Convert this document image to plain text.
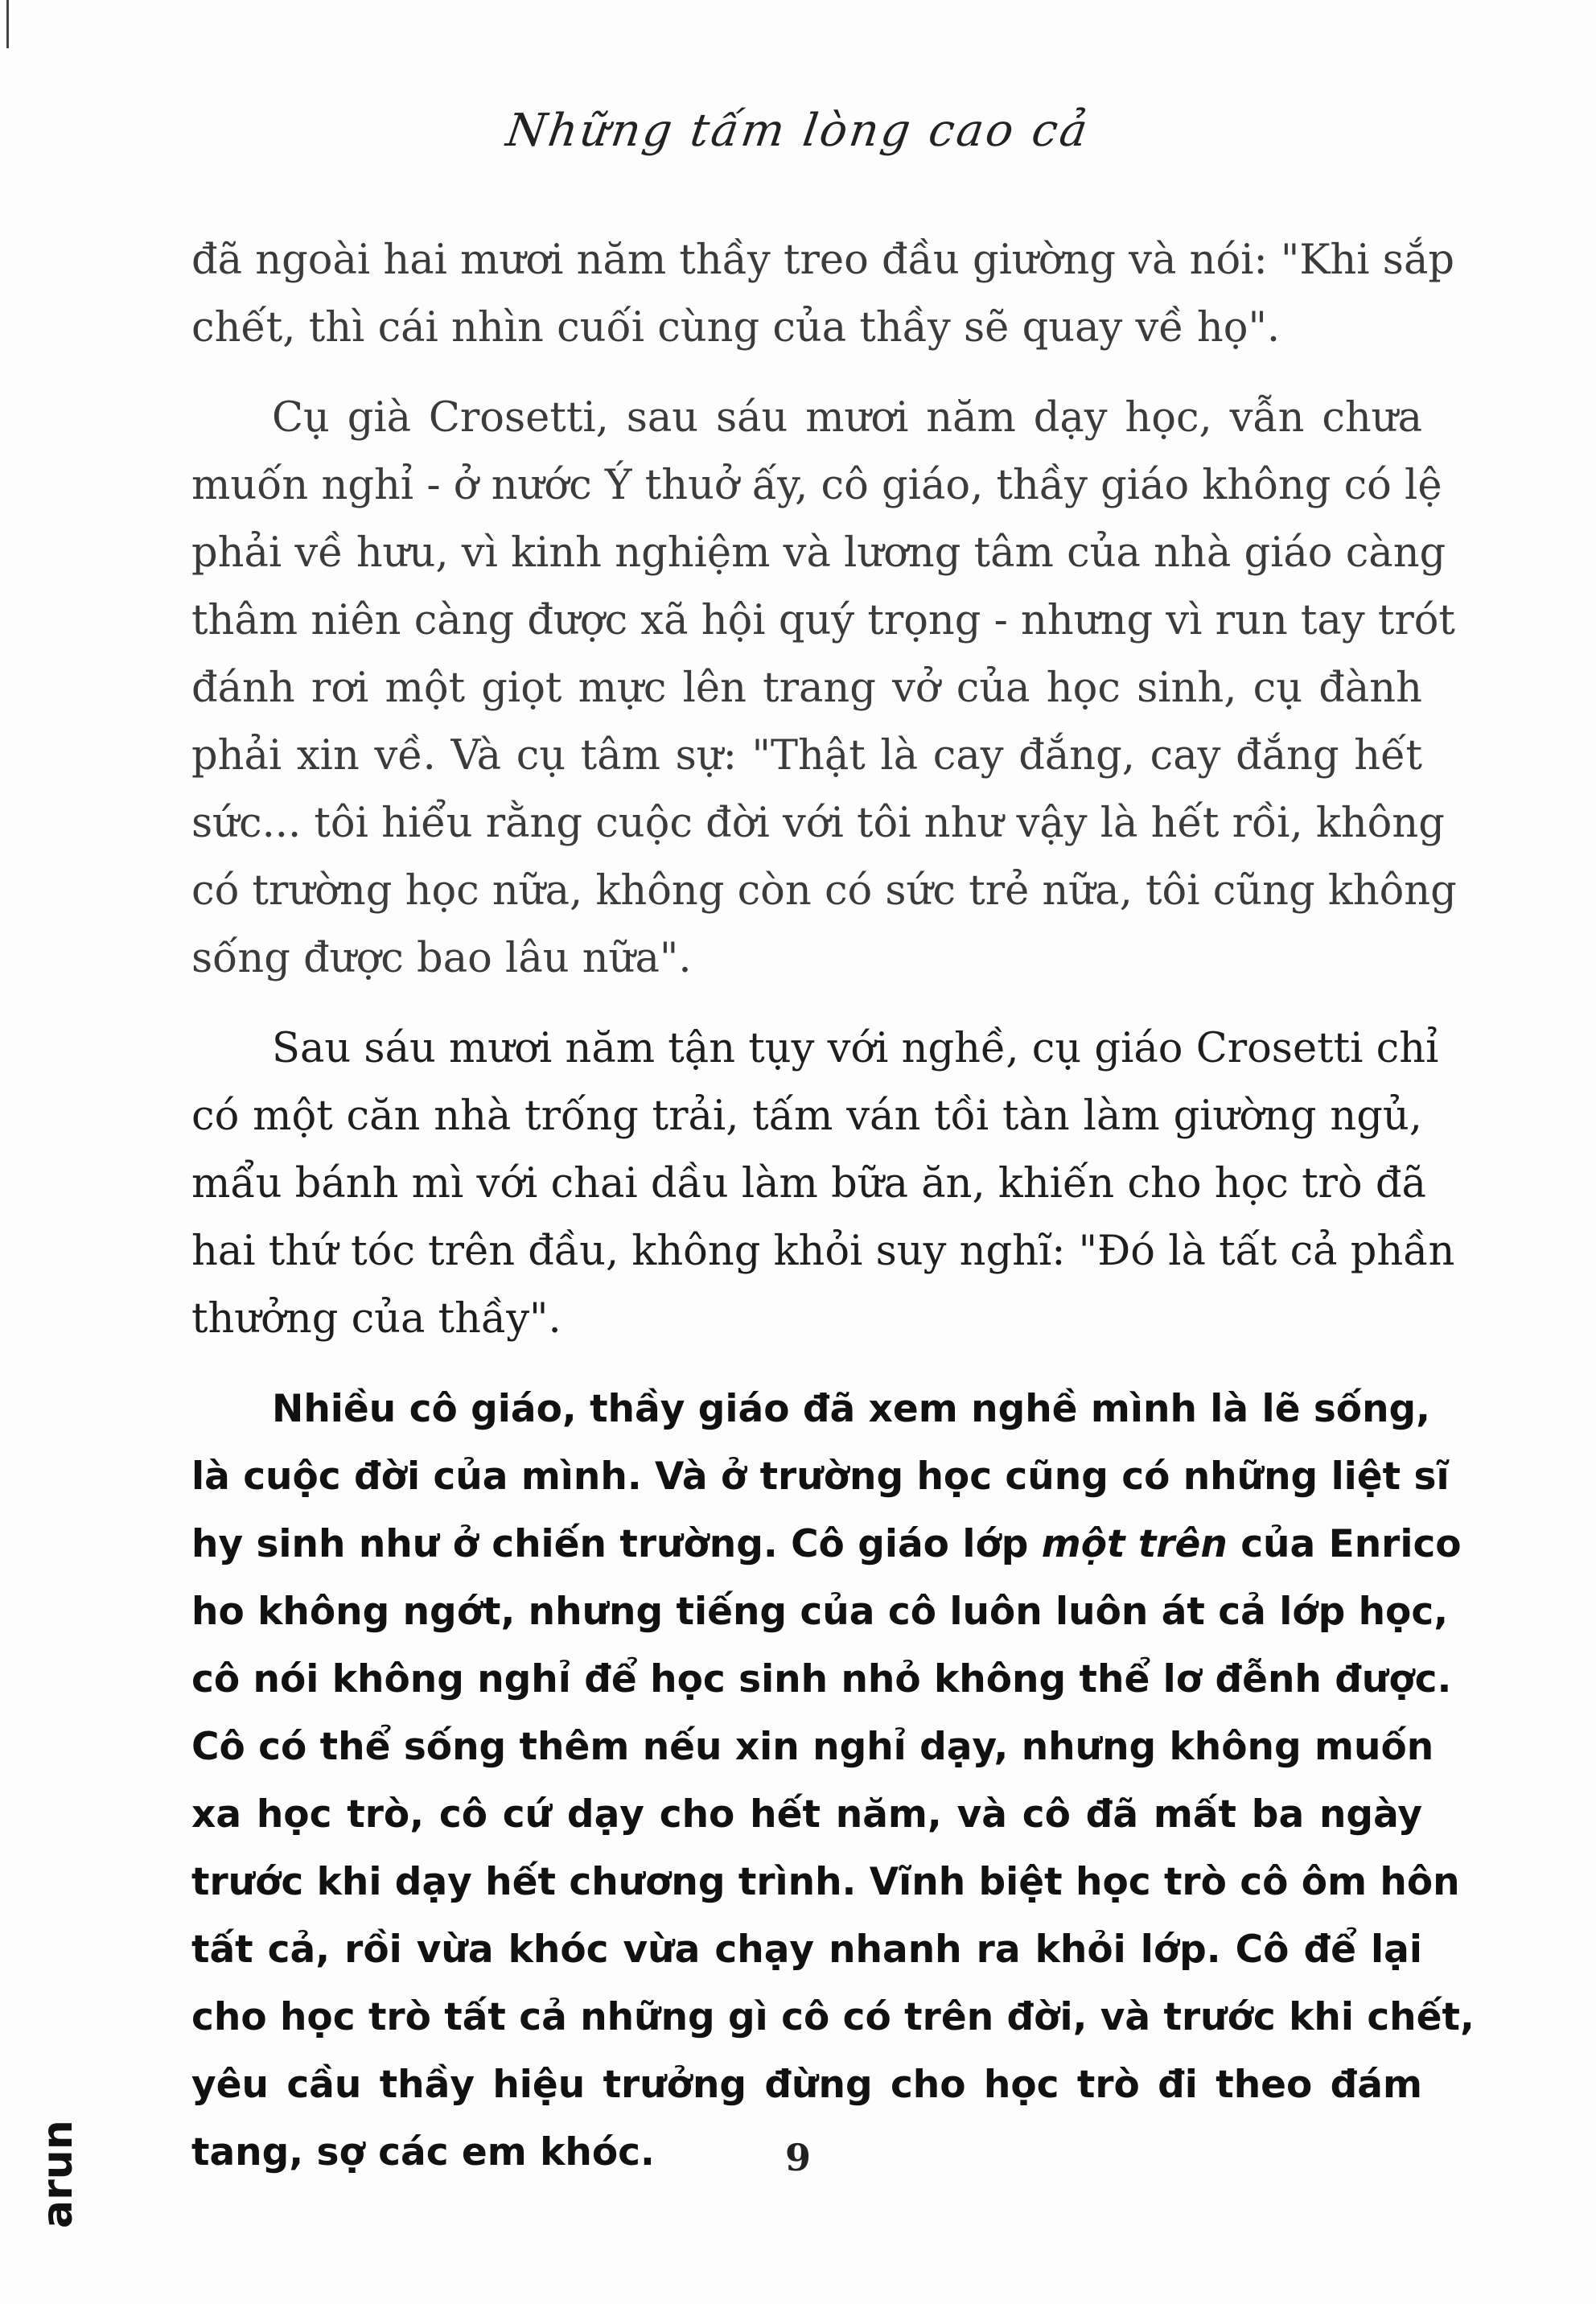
Những tấm lòng cao cả
đã ngoài hai mươi năm thầy treo đầu giường và nói: "Khi sắp
chết, thì cái nhìn cuối cùng của thầy sẽ quay về họ".
Cụ già Crosetti, sau sáu mươi năm dạy học, vẫn chưa
muốn nghỉ - ở nước Ý thuở ấy, cô giáo, thầy giáo không có lệ
phải về hưu, vì kinh nghiệm và lương tâm của nhà giáo càng
thâm niên càng được xã hội quý trọng - nhưng vì run tay trót
đánh rơi một giọt mực lên trang vở của học sinh, cụ đành
phải xin về. Và cụ tâm sự: "Thật là cay đắng, cay đắng hết
sức... tôi hiểu rằng cuộc đời với tôi như vậy là hết rồi, không
có trường học nữa, không còn có sức trẻ nữa, tôi cũng không
sống được bao lâu nữa".
Sau sáu mươi năm tận tụy với nghề, cụ giáo Crosetti chỉ
có một căn nhà trống trải, tấm ván tồi tàn làm giường ngủ,
mẩu bánh mì với chai dầu làm bữa ăn, khiến cho học trò đã
hai thứ tóc trên đầu, không khỏi suy nghĩ: "Đó là tất cả phần
thưởng của thầy".
Nhiều cô giáo, thầy giáo đã xem nghề mình là lẽ sống,
là cuộc đời của mình. Và ở trường học cũng có những liệt sĩ
hy sinh như ở chiến trường. Cô giáo lớp một trên của Enrico
ho không ngớt, nhưng tiếng của cô luôn luôn át cả lớp học,
cô nói không nghỉ để học sinh nhỏ không thể lơ đễnh được.
Cô có thể sống thêm nếu xin nghỉ dạy, nhưng không muốn
xa học trò, cô cứ dạy cho hết năm, và cô đã mất ba ngày
trước khi dạy hết chương trình. Vĩnh biệt học trò cô ôm hôn
tất cả, rồi vừa khóc vừa chạy nhanh ra khỏi lớp. Cô để lại
cho học trò tất cả những gì cô có trên đời, và trước khi chết,
yêu cầu thầy hiệu trưởng đừng cho học trò đi theo đám
tang, sợ các em khóc.	9
arun
